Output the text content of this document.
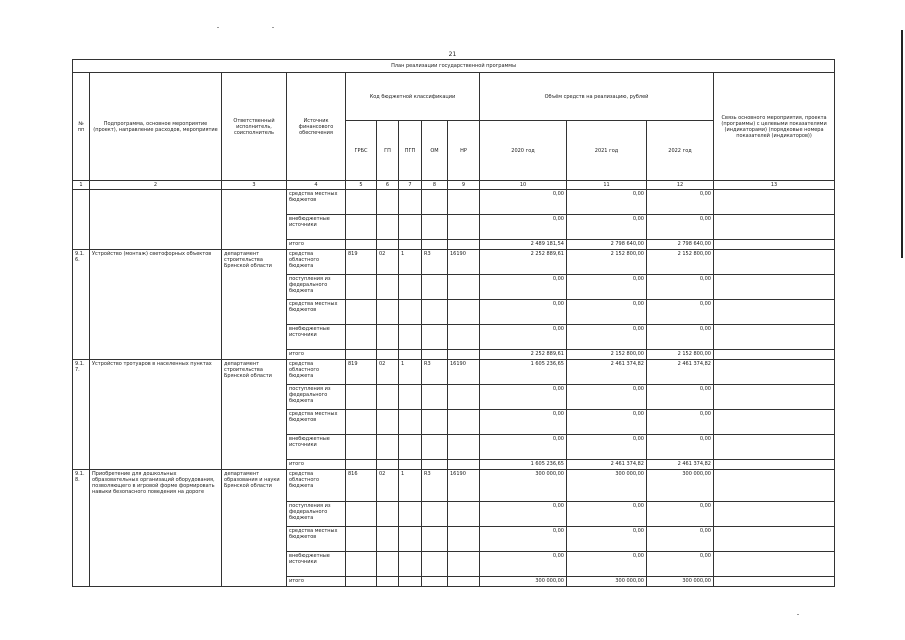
21
План реализации государственной программы												
№ пп	Подпрограмма, основное мероприятие (проект), направление расходов, мероприятие	Ответственный исполнитель, соисполнитель	Источник финансового обеспечения	Код бюджетной классификации					Объём средств на реализацию, рублей			Связь основного мероприятия, проекта (программы) с целевыми показателями (индикаторами) (порядковые номера показателей (индикаторов))
				ГРБС	ГП	ПГП	ОМ	НР	2020 год	2021 год	2022 год	
1	2	3	4	5	6	7	8	9	10	11	12	13
			средства местных бюджетов						0,00	0,00	0,00	
			внебюджетные источники						0,00	0,00	0,00	
			итого						2 489 181,54	2 798 640,00	2 798 640,00	
9.1.6.	Устройство (монтаж) светофорных объектов	департамент строительства Брянской области	средства областного бюджета	819	02	1	R3	16190	2 252 889,61	2 152 800,00	2 152 800,00	
			поступления из федерального бюджета						0,00	0,00	0,00	
			средства местных бюджетов						0,00	0,00	0,00	
			внебюджетные источники						0,00	0,00	0,00	
			итого						2 252 889,61	2 152 800,00	2 152 800,00	
9.1.7.	Устройство тротуаров в населенных пунктах	департамент строительства Брянской области	средства областного бюджета	819	02	1	R3	16190	1 605 236,65	2 461 374,82	2 461 374,82	
			поступления из федерального бюджета						0,00	0,00	0,00	
			средства местных бюджетов						0,00	0,00	0,00	
			внебюджетные источники						0,00	0,00	0,00	
			итого						1 605 236,65	2 461 374,82	2 461 374,82	
9.1.8.	Приобретение для дошкольных образовательных организаций оборудования, позволяющего в игровой форме формировать навыки безопасного поведения на дороге	департамент образования и науки Брянской области	средства областного бюджета	816	02	1	R3	16190	300 000,00	300 000,00	300 000,00	
			поступления из федерального бюджета						0,00	0,00	0,00	
			средства местных бюджетов						0,00	0,00	0,00	
			внебюджетные источники						0,00	0,00	0,00	
			итого						300 000,00	300 000,00	300 000,00	
